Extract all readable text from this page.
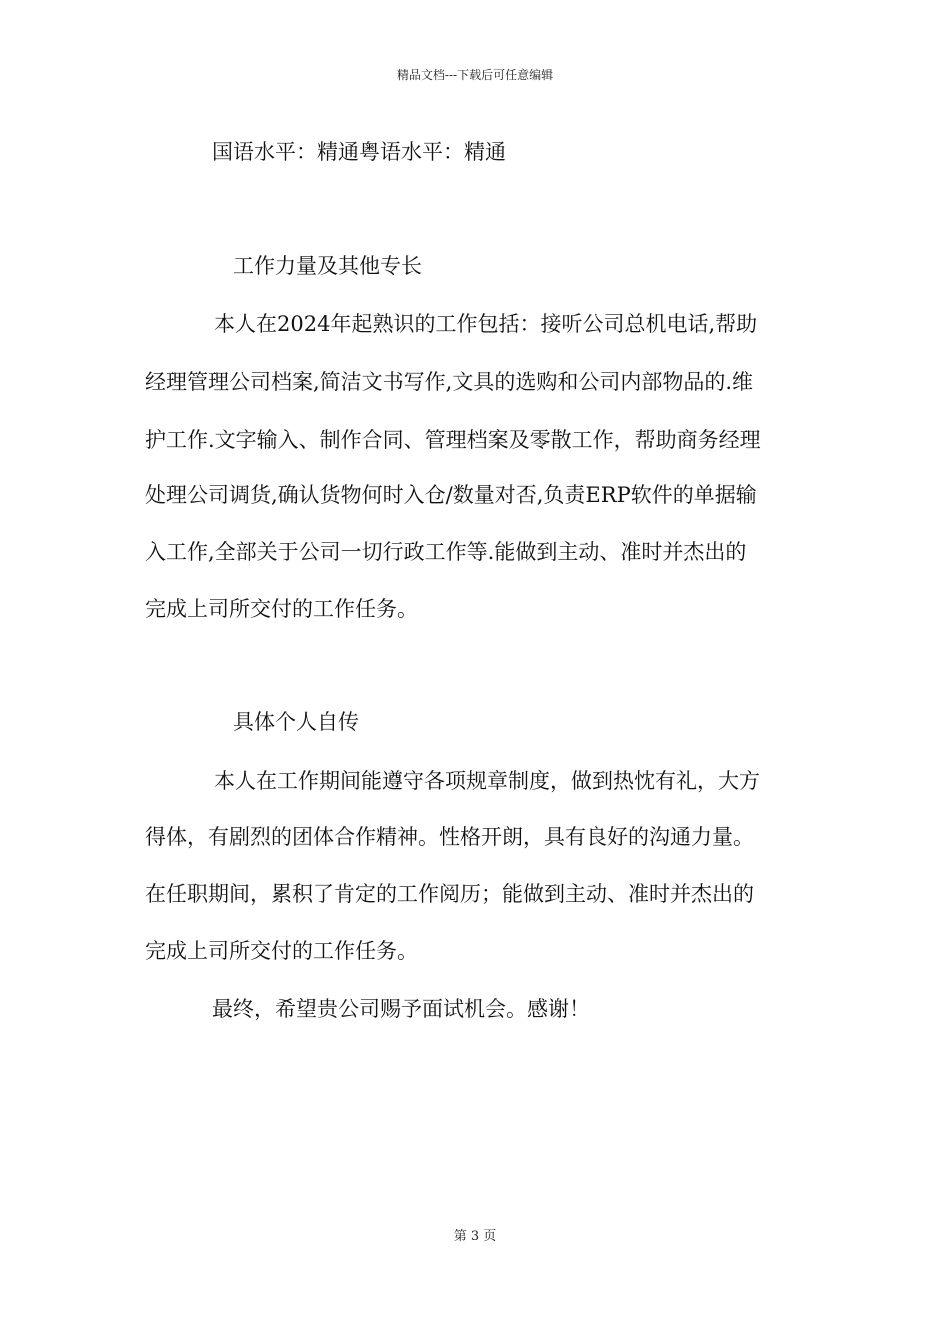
精品文档---下载后可任意编辑
国语水平：精通粤语水平：精通
工作力量及其他专长
本人在2024年起熟识的工作包括：接听公司总机电话,帮助
经理管理公司档案,简洁文书写作,文具的选购和公司内部物品的.维
护工作.文字输入、制作合同、管理档案及零散工作，帮助商务经理
处理公司调货,确认货物何时入仓/数量对否,负责ERP软件的单据输
入工作,全部关于公司一切行政工作等.能做到主动、准时并杰出的
完成上司所交付的工作任务。
具体个人自传
本人在工作期间能遵守各项规章制度，做到热忱有礼，大方
得体，有剧烈的团体合作精神。性格开朗，具有良好的沟通力量。
在任职期间，累积了肯定的工作阅历；能做到主动、准时并杰出的
完成上司所交付的工作任务。
最终，希望贵公司赐予面试机会。感谢！
第 3 页
